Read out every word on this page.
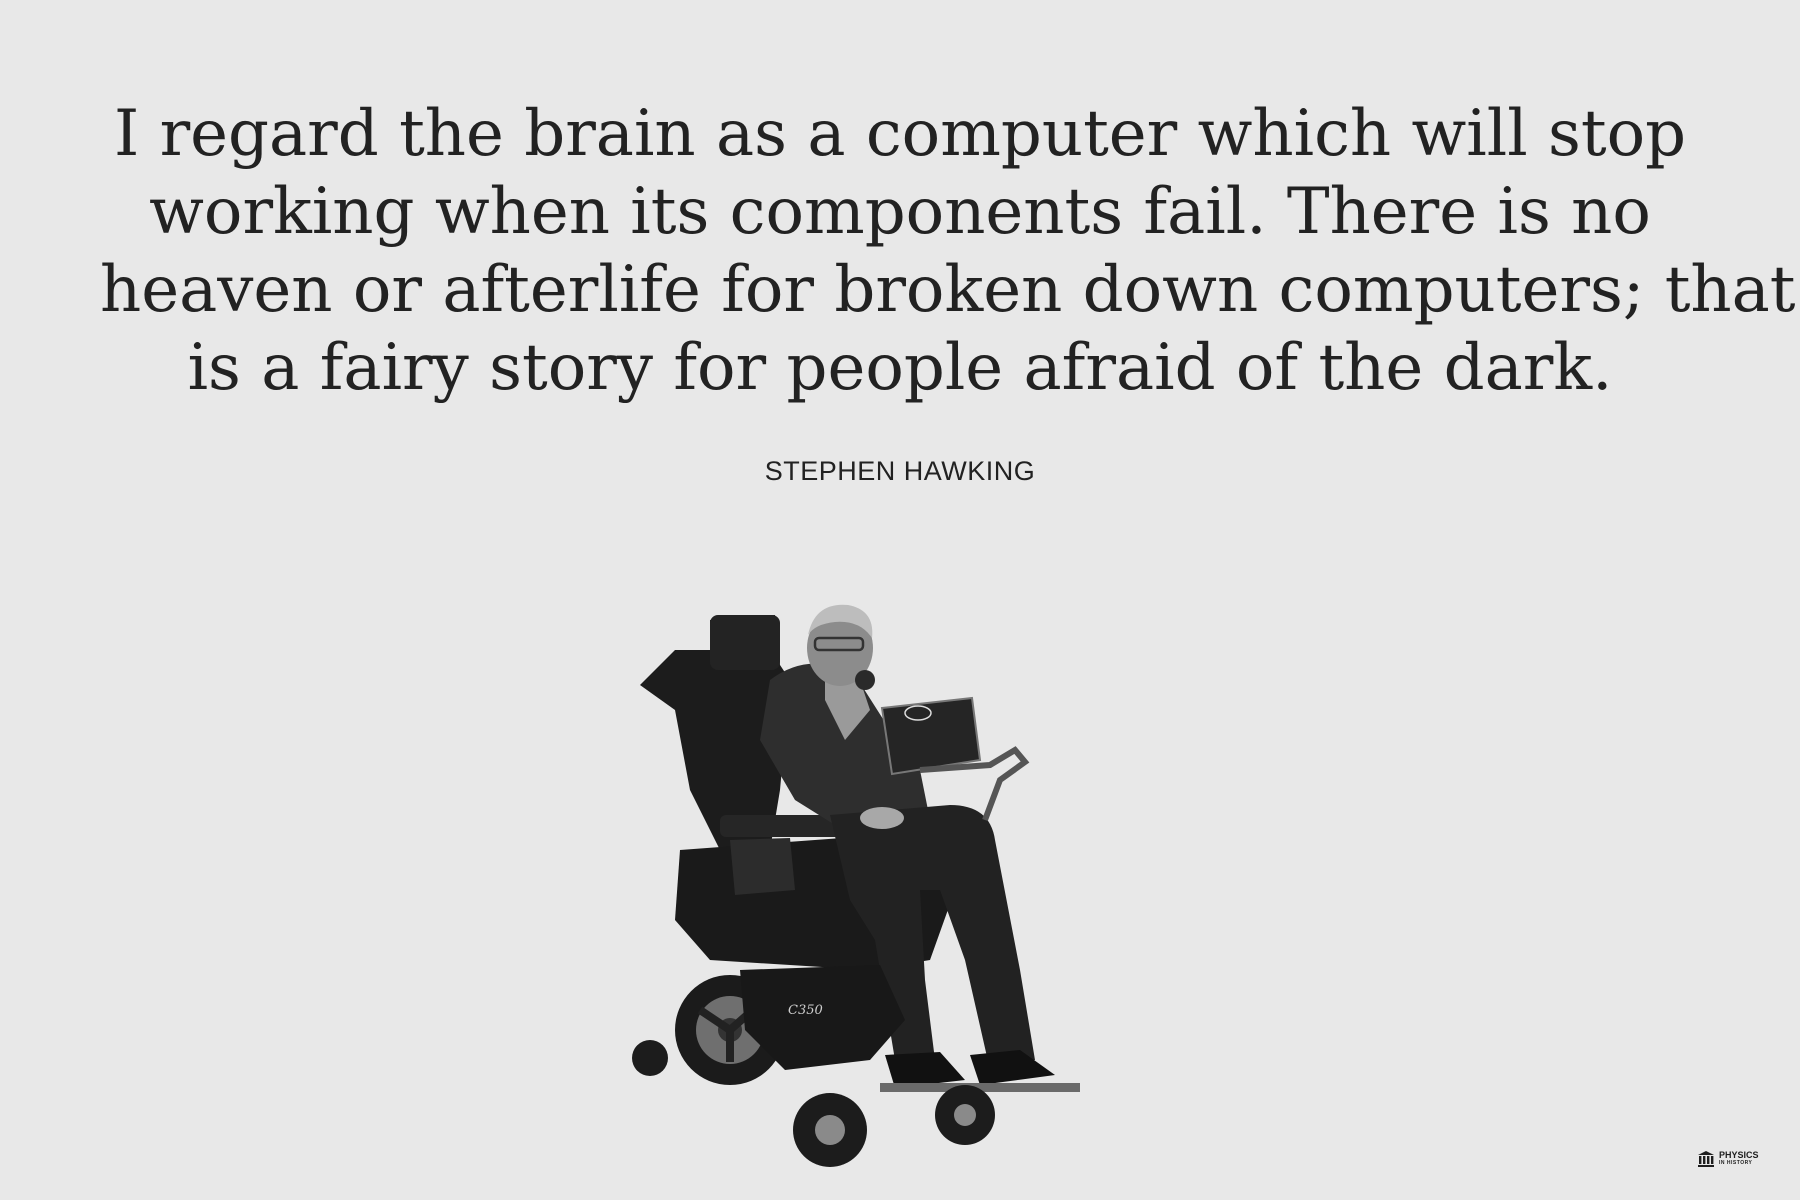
I regard the brain as a computer which will stop
working when its components fail. There is no
heaven or afterlife for broken down computers; that
is a fairy story for people afraid of the dark.
STEPHEN HAWKING
C350
PHYSICS
IN HISTORY
